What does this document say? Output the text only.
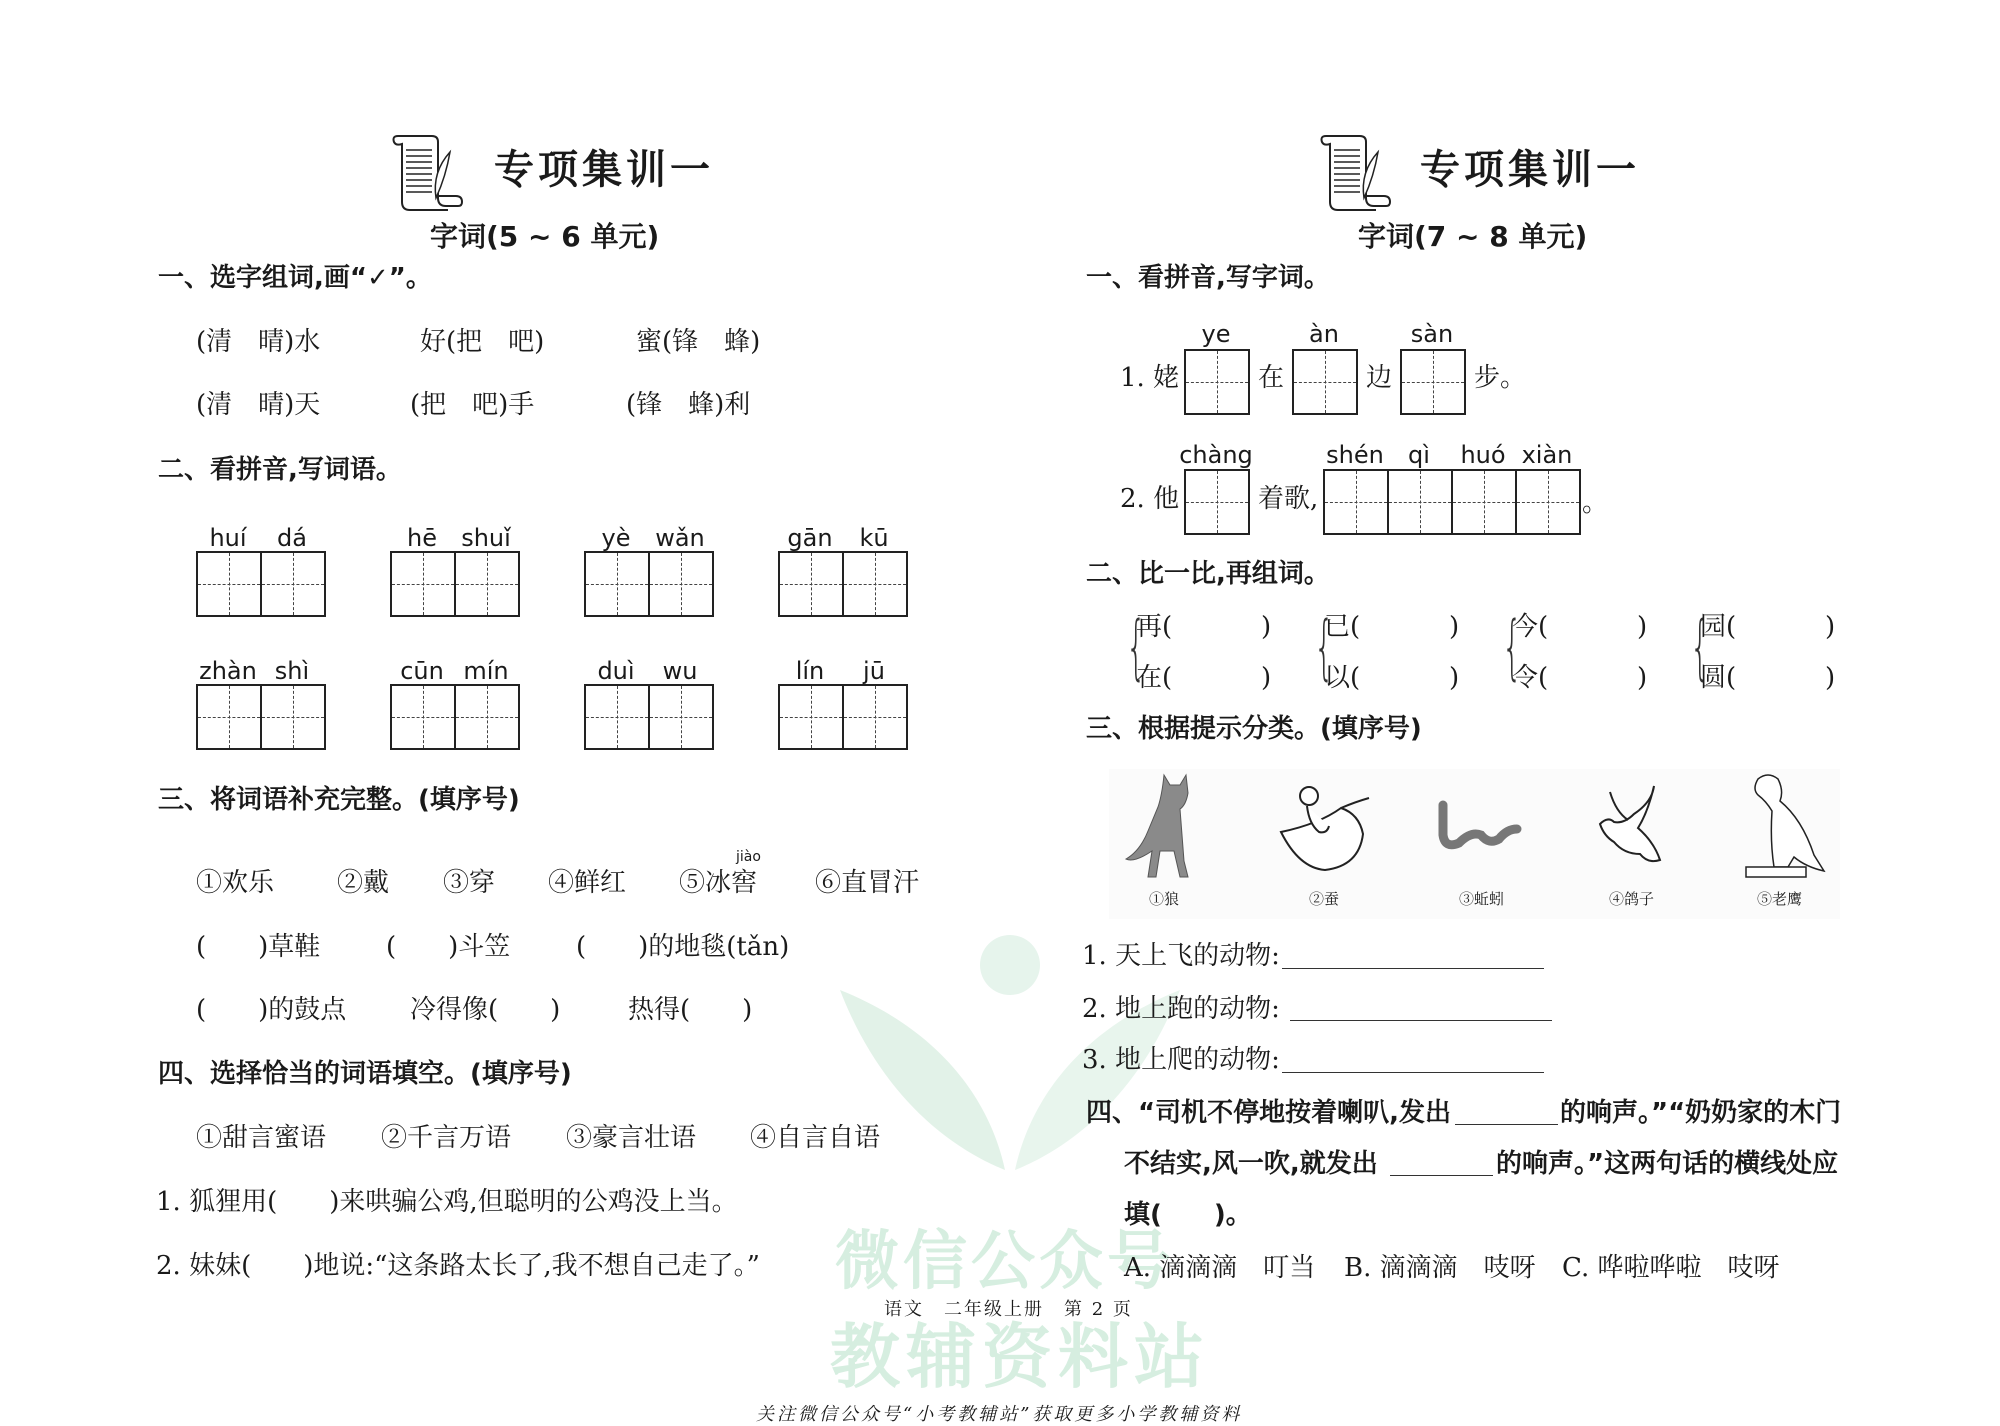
微信公众号
教辅资料站
专项集训一
字词(5 ~ 6 单元)
一、选字组词,画“✓”。
(清　晴)水	好(把　吧)	蜜(锋　蜂)
(清　晴)天	(把　吧)手	(锋　蜂)利
二、看拼音,写词语。
huí	dá	hē	shuǐ	yè	wǎn	gān	kū
zhàn shì	cūn mín	duì	wu	lín	jū
三、将词语补充完整。(填序号)
jiào
①欢乐 ②戴 ③穿 ④鲜红 ⑤冰窖 ⑥直冒汗
(　　)草鞋	(　　)斗笠	(　　)的地毯(tǎn)
(　　)的鼓点 冷得像(　　)	热得(　　)
四、选择恰当的词语填空。(填序号)
①甜言蜜语 ②千言万语 ③豪言壮语 ④自言自语
1. 狐狸用(　　)来哄骗公鸡,但聪明的公鸡没上当。
2. 妹妹(　　)地说:“这条路太长了,我不想自己走了。”
专项集训一
字词(7 ~ 8 单元)
一、看拼音,写字词。
1. 姥
ye
在
àn
边
sàn
步。
2. 他
chàng
着歌,
shén	qì	huó xiàn
。
二、比一比,再组词。
{
再(	)
在(	) {
已(	)
以(	) {
今(	)
令(	) {
园(	)
圆(	)
三、根据提示分类。(填序号)
①狼	②蚕	③蚯蚓	④鸽子	⑤老鹰
1. 天上飞的动物:
2. 地上跑的动物:
3. 地上爬的动物:
四、“司机不停地按着喇叭,发出	的响声。”“奶奶家的木门
不结实,风一吹,就发出	的响声。”这两句话的横线处应
填(　　)。
A. 滴滴滴　叮当 B. 滴滴滴　吱呀 C. 哗啦哗啦　吱呀
语文　二年级上册　第 2 页
关注微信公众号“小考教辅站”获取更多小学教辅资料
